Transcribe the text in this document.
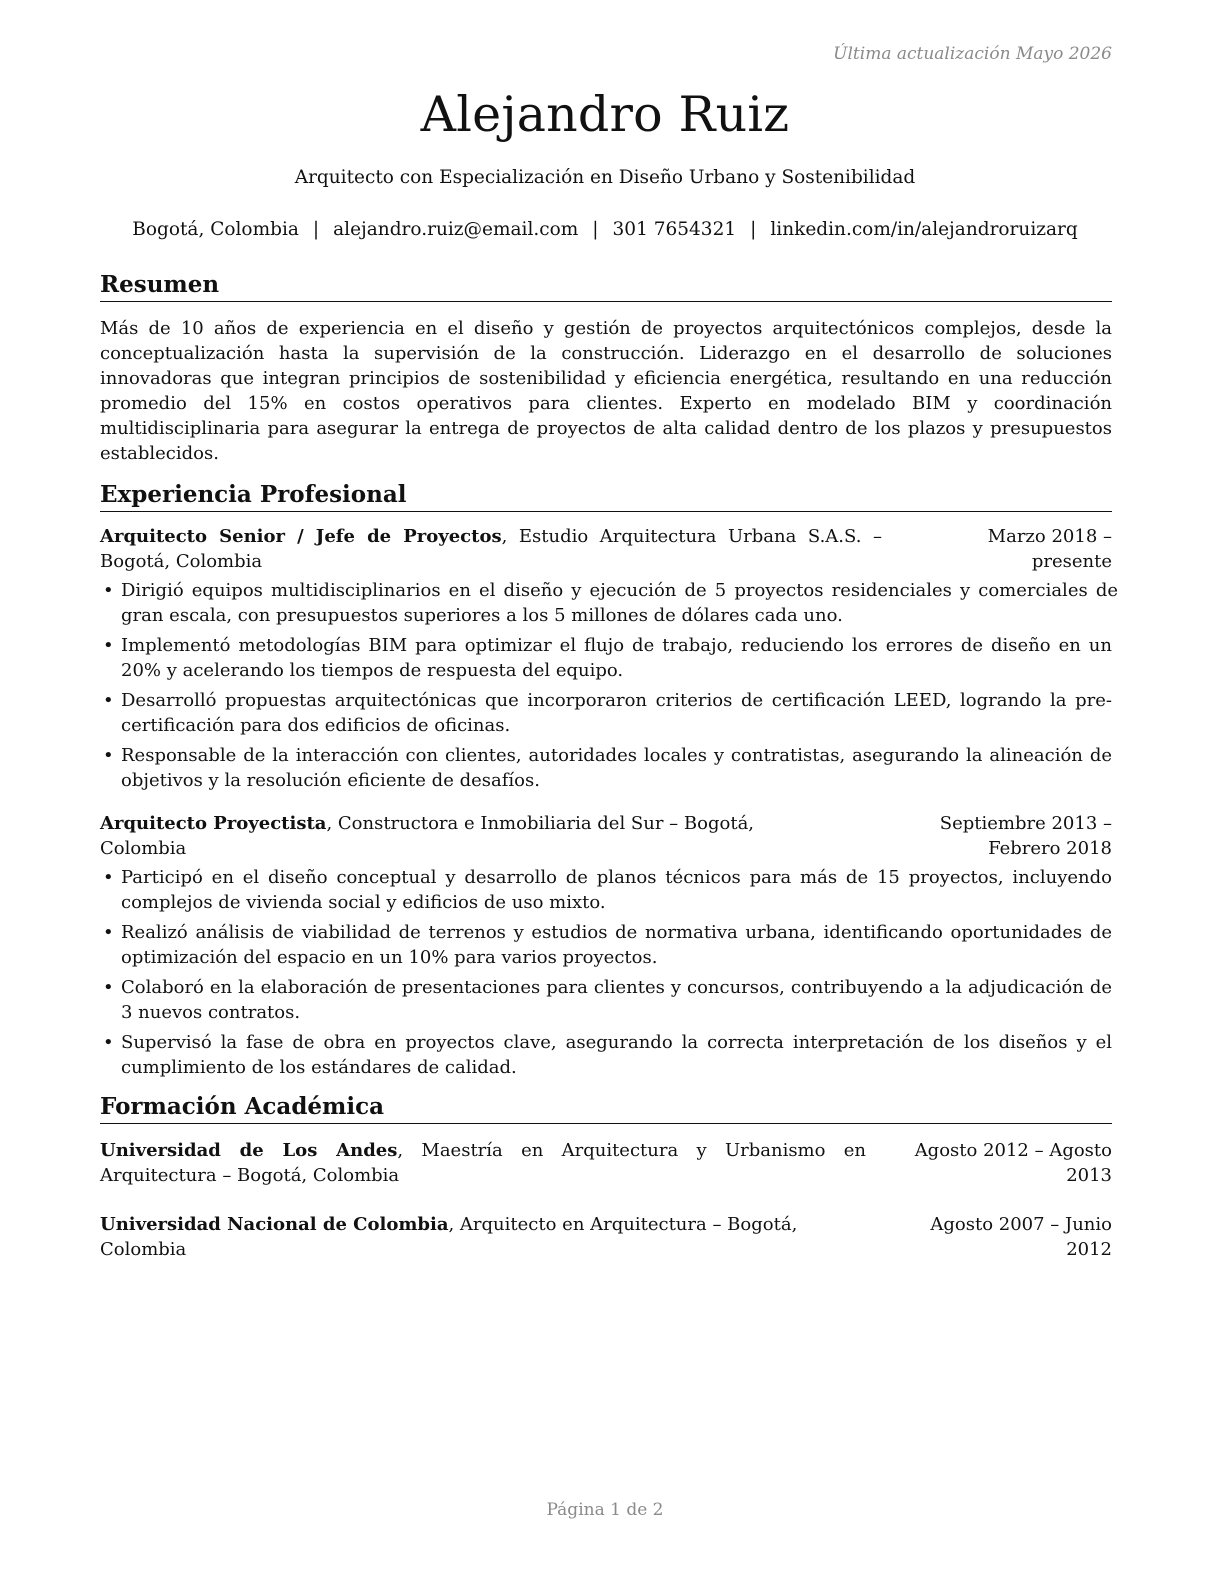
Última actualización Mayo 2026
Alejandro Ruiz
Arquitecto con Especialización en Diseño Urbano y Sostenibilidad
Bogotá, Colombia | alejandro.ruiz@email.com | 301 7654321 | linkedin.com/in/alejandroruizarq
Resumen

Más de 10 años de experiencia en el diseño y gestión de proyectos arquitectónicos complejos, desde la conceptualización hasta la supervisión de la construcción. Liderazgo en el desarrollo de soluciones innovadoras que integran principios de sostenibilidad y eficiencia energética, resultando en una reducción promedio del 15% en costos operativos para clientes. Experto en modelado BIM y coordinación multidisciplinaria para asegurar la entrega de proyectos de alta calidad dentro de los plazos y presupuestos establecidos.

Experiencia Profesional
Arquitecto Senior / Jefe de Proyectos, Estudio Arquitectura Urbana S.A.S. – Bogotá, Colombia
Marzo 2018 – presente
• Dirigió equipos multidisciplinarios en el diseño y ejecución de 5 proyectos residenciales y comerciales de gran escala, con presupuestos superiores a los 5 millones de dólares cada uno.
• Implementó metodologías BIM para optimizar el flujo de trabajo, reduciendo los errores de diseño en un 20% y acelerando los tiempos de respuesta del equipo.
• Desarrolló propuestas arquitectónicas que incorporaron criterios de certificación LEED, logrando la pre-certificación para dos edificios de oficinas.
• Responsable de la interacción con clientes, autoridades locales y contratistas, asegurando la alineación de objetivos y la resolución eficiente de desafíos.
Arquitecto Proyectista, Constructora e Inmobiliaria del Sur – Bogotá, Colombia
Septiembre 2013 – Febrero 2018
• Participó en el diseño conceptual y desarrollo de planos técnicos para más de 15 proyectos, incluyendo complejos de vivienda social y edificios de uso mixto.
• Realizó análisis de viabilidad de terrenos y estudios de normativa urbana, identificando oportunidades de optimización del espacio en un 10% para varios proyectos.
• Colaboró en la elaboración de presentaciones para clientes y concursos, contribuyendo a la adjudicación de 3 nuevos contratos.
• Supervisó la fase de obra en proyectos clave, asegurando la correcta interpretación de los diseños y el cumplimiento de los estándares de calidad.
Formación Académica
Universidad de Los Andes, Maestría en Arquitectura y Urbanismo en Arquitectura – Bogotá, Colombia
Agosto 2012 – Agosto 2013
Universidad Nacional de Colombia, Arquitecto en Arquitectura – Bogotá, Colombia
Agosto 2007 – Junio 2012
Página 1 de 2
